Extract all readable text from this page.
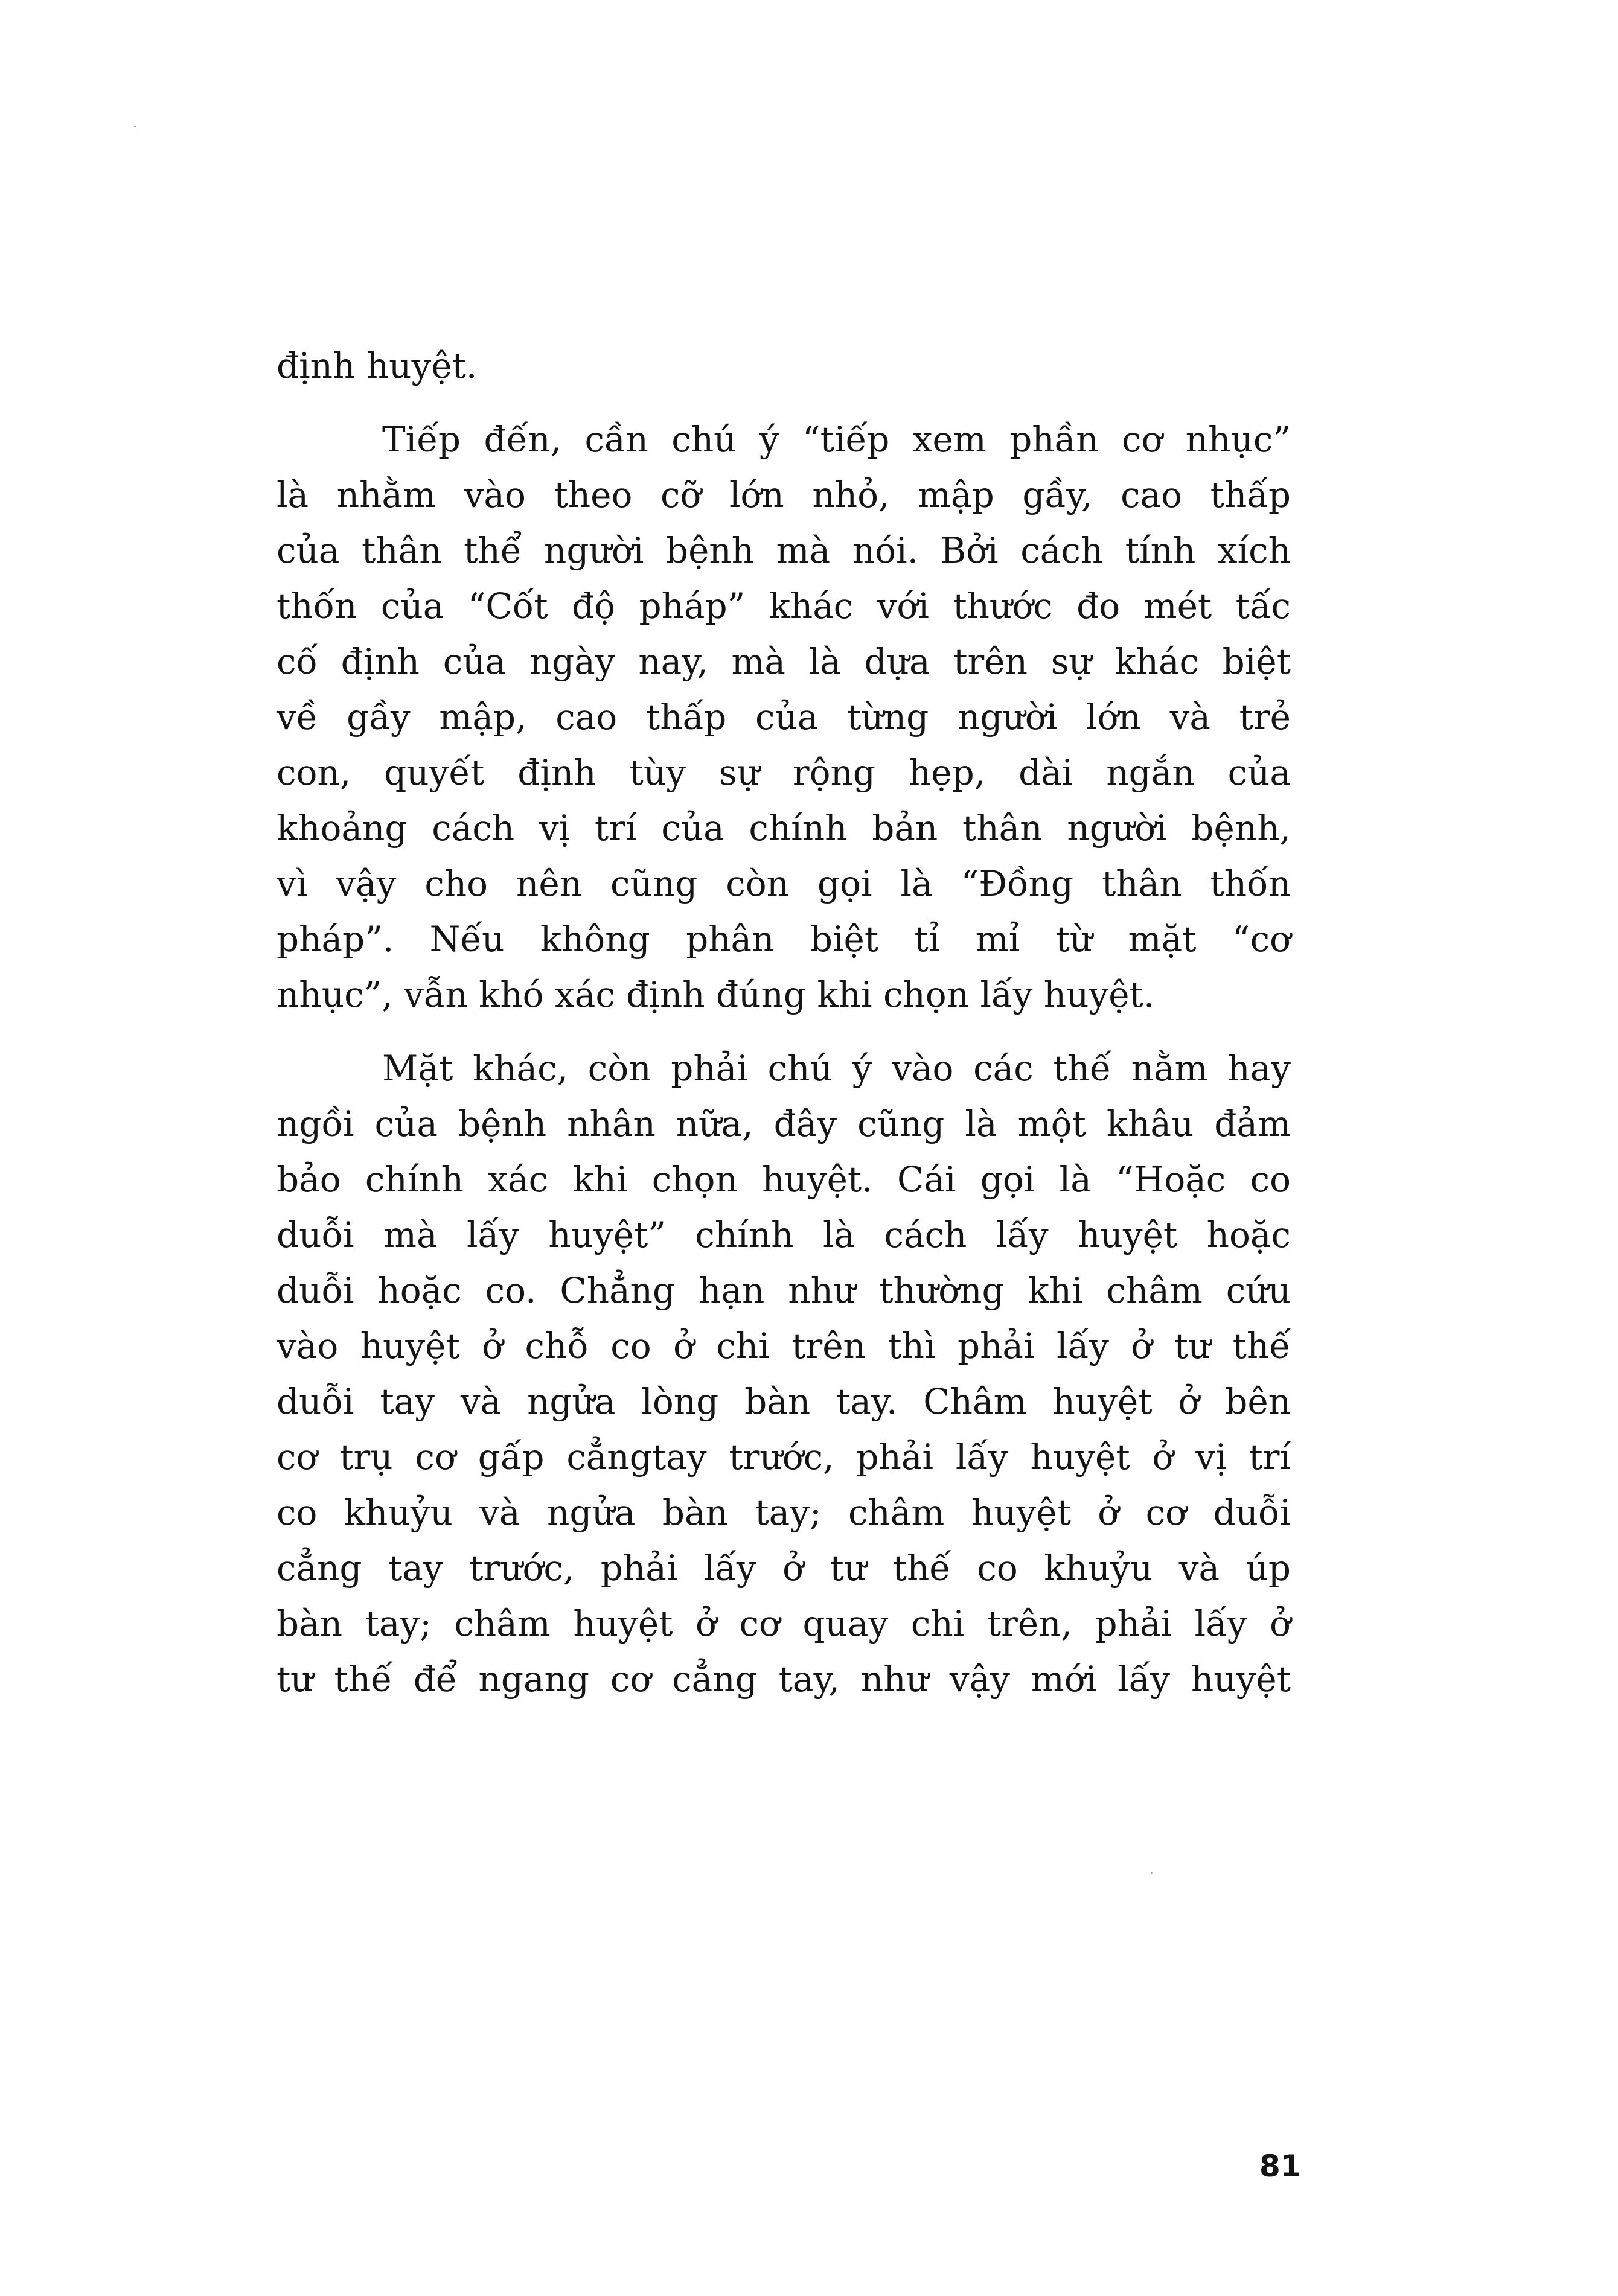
định huyệt.
Tiếp đến, cần chú ý “tiếp xem phần cơ nhục”
là nhằm vào theo cỡ lớn nhỏ, mập gầy, cao thấp
của thân thể người bệnh mà nói. Bởi cách tính xích
thốn của “Cốt độ pháp” khác với thước đo mét tấc
cố định của ngày nay, mà là dựa trên sự khác biệt
về gầy mập, cao thấp của từng người lớn và trẻ
con, quyết định tùy sự rộng hẹp, dài ngắn của
khoảng cách vị trí của chính bản thân người bệnh,
vì vậy cho nên cũng còn gọi là “Đồng thân thốn
pháp”. Nếu không phân biệt tỉ mỉ từ mặt “cơ
nhục”, vẫn khó xác định đúng khi chọn lấy huyệt.
Mặt khác, còn phải chú ý vào các thế nằm hay
ngồi của bệnh nhân nữa, đây cũng là một khâu đảm
bảo chính xác khi chọn huyệt. Cái gọi là “Hoặc co
duỗi mà lấy huyệt” chính là cách lấy huyệt hoặc
duỗi hoặc co. Chẳng hạn như thường khi châm cứu
vào huyệt ở chỗ co ở chi trên thì phải lấy ở tư thế
duỗi tay và ngửa lòng bàn tay. Châm huyệt ở bên
cơ trụ cơ gấp cẳngtay trước, phải lấy huyệt ở vị trí
co khuỷu và ngửa bàn tay; châm huyệt ở cơ duỗi
cẳng tay trước, phải lấy ở tư thế co khuỷu và úp
bàn tay; châm huyệt ở cơ quay chi trên, phải lấy ở
tư thế để ngang cơ cẳng tay, như vậy mới lấy huyệt
81
